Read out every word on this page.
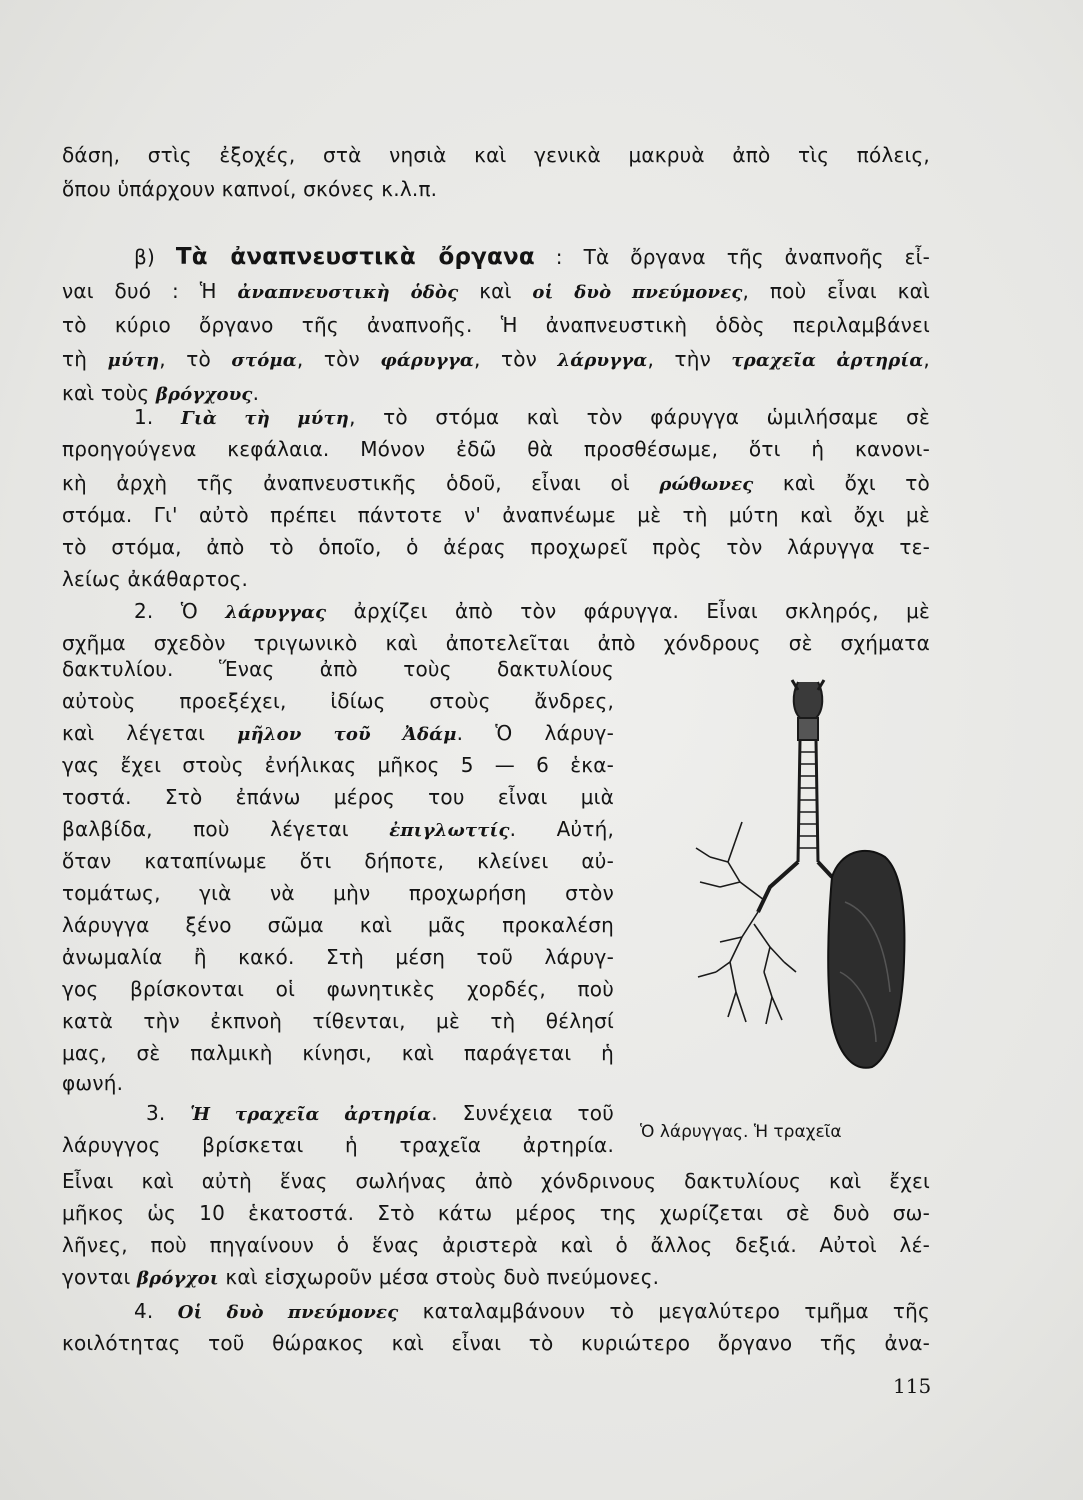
δάση, στὶς ἐξοχές, στὰ νησιὰ καὶ γενικὰ μακρυὰ ἀπὸ τὶς πόλεις,
ὅπου ὑπάρχουν καπνοί, σκόνες κ.λ.π.
β) Τὰ ἀναπνευστικὰ ὄργανα : Τὰ ὄργανα τῆς ἀναπνοῆς εἶ-
ναι δυό : Ἡ ἀναπνευστικὴ ὁδὸς καὶ οἱ δυὸ πνεύμονες, ποὺ εἶναι καὶ
τὸ κύριο ὄργανο τῆς ἀναπνοῆς. Ἡ ἀναπνευστικὴ ὁδὸς περιλαμβάνει
τὴ μύτη, τὸ στόμα, τὸν φάρυγγα, τὸν λάρυγγα, τὴν τραχεῖα ἀρτηρία,
καὶ τοὺς βρόγχους.
1. Γιὰ τὴ μύτη, τὸ στόμα καὶ τὸν φάρυγγα ὡμιλήσαμε σὲ
προηγούγενα κεφάλαια. Μόνον ἐδῶ θὰ προσθέσωμε, ὅτι ἡ κανονι-
κὴ ἀρχὴ τῆς ἀναπνευστικῆς ὁδοῦ, εἶναι οἱ ρώθωνες καὶ ὄχι τὸ
στόμα. Γι' αὐτὸ πρέπει πάντοτε ν' ἀναπνέωμε μὲ τὴ μύτη καὶ ὄχι μὲ
τὸ στόμα, ἀπὸ τὸ ὁποῖο, ὁ ἀέρας προχωρεῖ πρὸς τὸν λάρυγγα τε-
λείως ἀκάθαρτος.
2. Ὁ λάρυγγας ἀρχίζει ἀπὸ τὸν φάρυγγα. Εἶναι σκληρός, μὲ
σχῆμα σχεδὸν τριγωνικὸ καὶ ἀποτελεῖται ἀπὸ χόνδρους σὲ σχήματα
δακτυλίου. Ἕνας ἀπὸ τοὺς δακτυλίους
αὐτοὺς προεξέχει, ἰδίως στοὺς ἄνδρες,
καὶ λέγεται μῆλον τοῦ Ἀδάμ. Ὁ λάρυγ-
γας ἔχει στοὺς ἐνήλικας μῆκος 5 — 6 ἑκα-
τοστά. Στὸ ἐπάνω μέρος του εἶναι μιὰ
βαλβίδα, ποὺ λέγεται ἐπιγλωττίς. Αὐτή,
ὅταν καταπίνωμε ὅτι δήποτε, κλείνει αὐ-
τομάτως, γιὰ νὰ μὴν προχωρήση στὸν
λάρυγγα ξένο σῶμα καὶ μᾶς προκαλέση
ἀνωμαλία ἢ κακό. Στὴ μέση τοῦ λάρυγ-
γος βρίσκονται οἱ φωνητικὲς χορδές, ποὺ
κατὰ τὴν ἐκπνοὴ τίθενται, μὲ τὴ θέλησί
μας, σὲ παλμικὴ κίνησι, καὶ παράγεται ἡ
φωνή.
3. Ἡ τραχεῖα ἀρτηρία. Συνέχεια τοῦ
λάρυγγος βρίσκεται ἡ τραχεῖα ἀρτηρία.
Εἶναι καὶ αὐτὴ ἕνας σωλήνας ἀπὸ χόνδρινους δακτυλίους καὶ ἔχει
μῆκος ὡς 10 ἑκατοστά. Στὸ κάτω μέρος της χωρίζεται σὲ δυὸ σω-
λῆνες, ποὺ πηγαίνουν ὁ ἕνας ἀριστερὰ καὶ ὁ ἄλλος δεξιά. Αὐτοὶ λέ-
γονται βρόγχοι καὶ εἰσχωροῦν μέσα στοὺς δυὸ πνεύμονες.
4. Οἱ δυὸ πνεύμονες καταλαμβάνουν τὸ μεγαλύτερο τμῆμα τῆς
κοιλότητας τοῦ θώρακος καὶ εἶναι τὸ κυριώτερο ὄργανο τῆς ἀνα-
Ὁ λάρυγγας. Ἡ τραχεῖα
115
